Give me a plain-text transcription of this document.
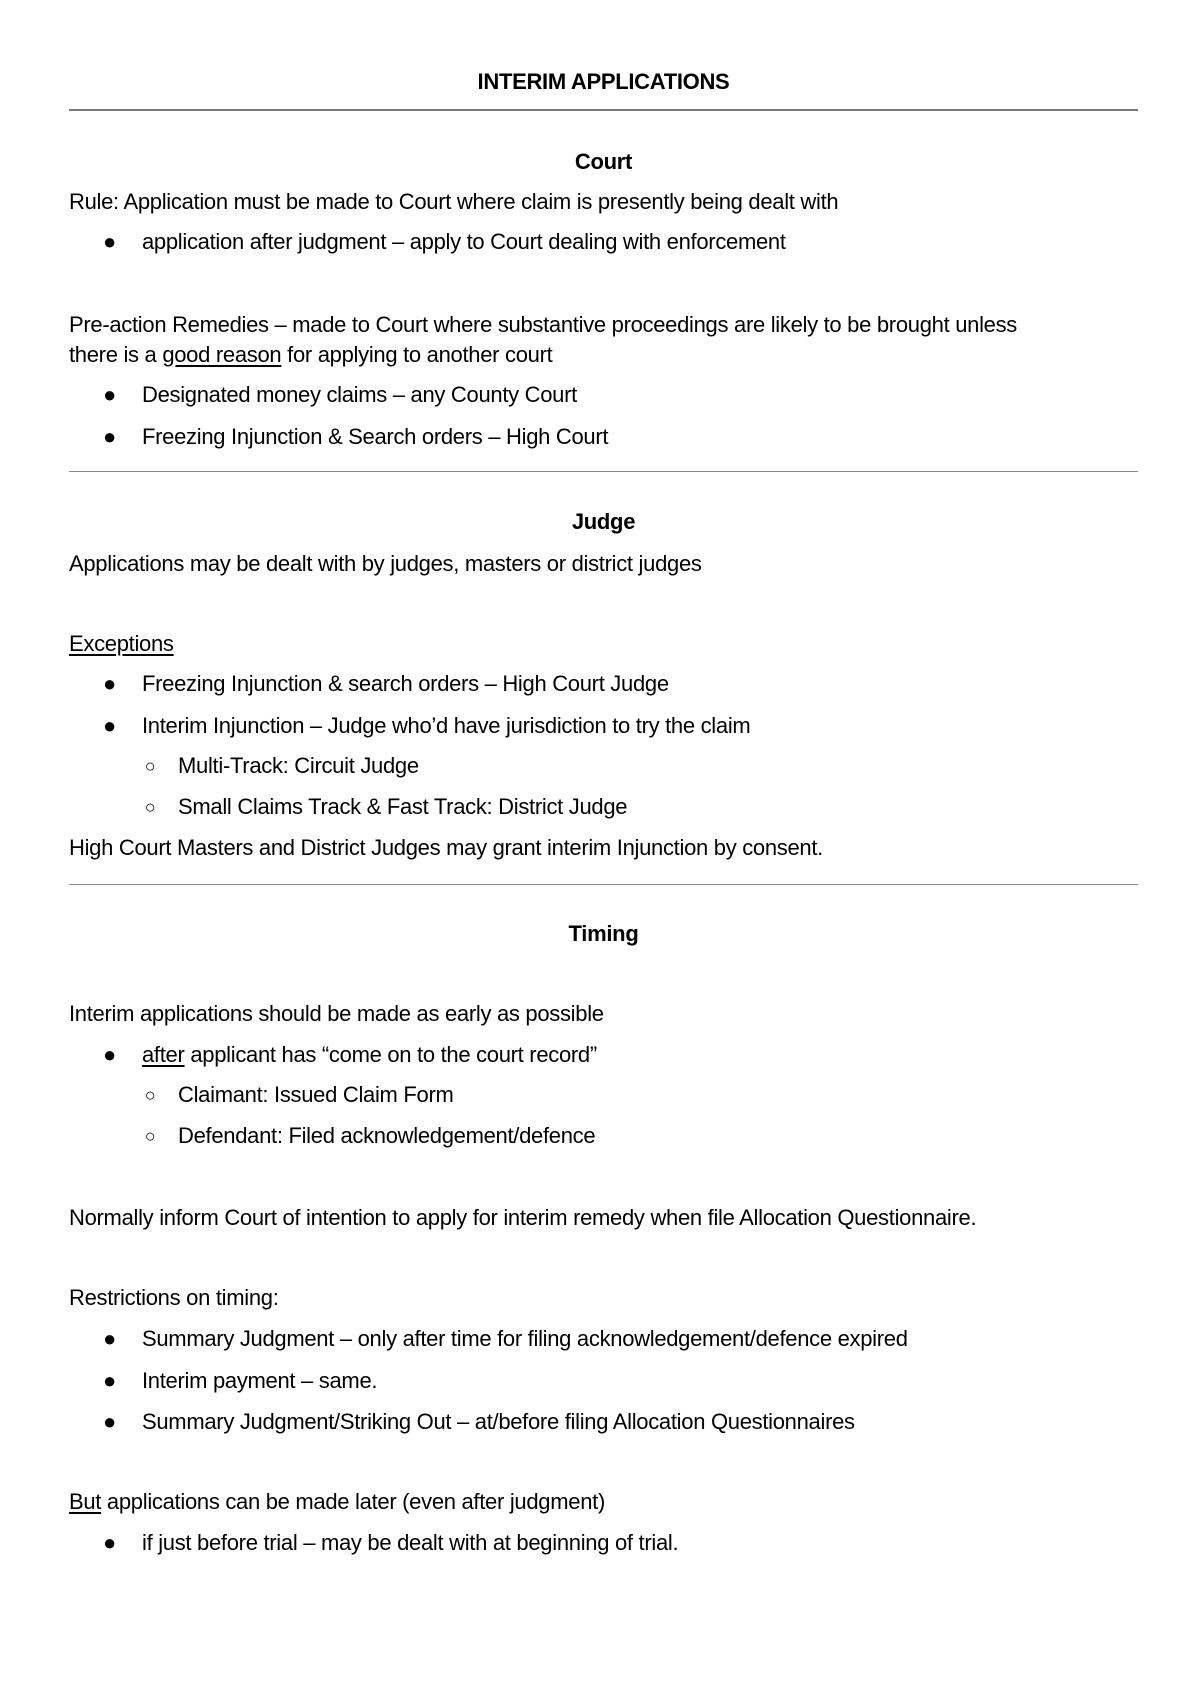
INTERIM APPLICATIONS
Court
Rule: Application must be made to Court where claim is presently being dealt with
● application after judgment – apply to Court dealing with enforcement
Pre-action Remedies – made to Court where substantive proceedings are likely to be brought unless
there is a good reason for applying to another court
● Designated money claims – any County Court
● Freezing Injunction & Search orders – High Court
Judge
Applications may be dealt with by judges, masters or district judges
Exceptions
● Freezing Injunction & search orders – High Court Judge
● Interim Injunction – Judge who’d have jurisdiction to try the claim
○ Multi-Track: Circuit Judge
○ Small Claims Track & Fast Track: District Judge
High Court Masters and District Judges may grant interim Injunction by consent.
Timing
Interim applications should be made as early as possible
● after applicant has “come on to the court record”
○ Claimant: Issued Claim Form
○ Defendant: Filed acknowledgement/defence
Normally inform Court of intention to apply for interim remedy when file Allocation Questionnaire.
Restrictions on timing:
● Summary Judgment – only after time for filing acknowledgement/defence expired
● Interim payment – same.
● Summary Judgment/Striking Out – at/before filing Allocation Questionnaires
But applications can be made later (even after judgment)
● if just before trial – may be dealt with at beginning of trial.
